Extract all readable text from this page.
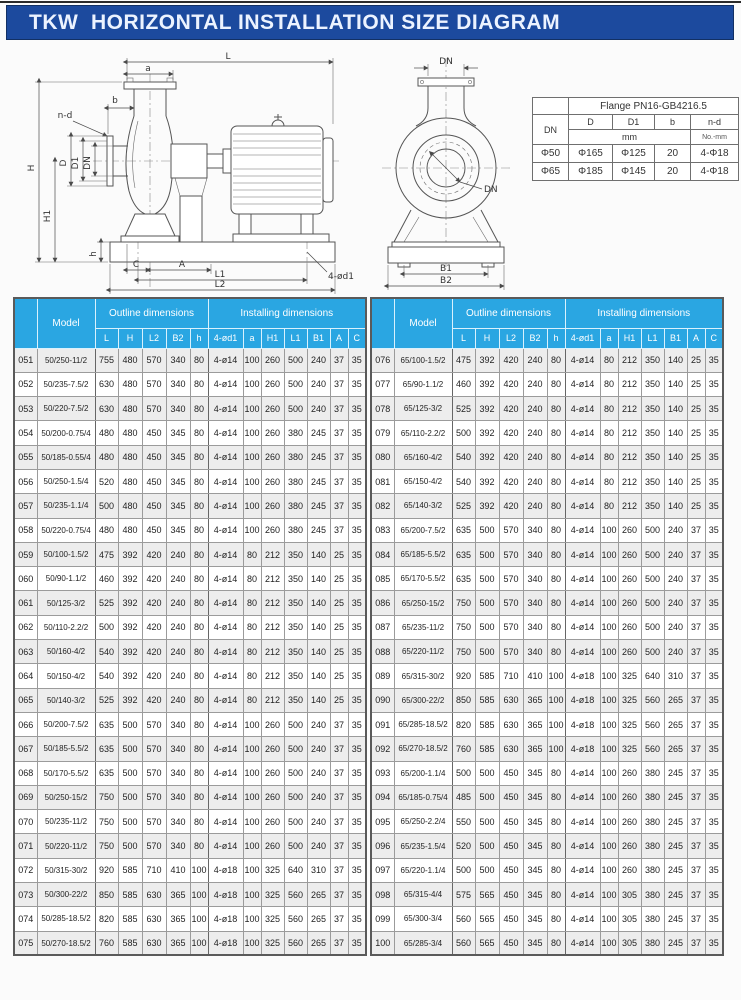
TKW  HORIZONTAL INSTALLATION SIZE DIAGRAM
L
a
b
n-d
H
H1
D D1 DN
h
C	A
L1
L2
4-ød1
DN
DN
B1
B2
	Flange PN16-GB4216.5			
DN	D	D1	b	n-d
	mm			No.-mm
Φ50	Φ165	Φ125	20	4-Φ18
Φ65	Φ185	Φ145	20	4-Φ18
	Model	Outline dimensions					Installing dimensions						
		L	H	L2	B2	h	4-ød1	a	H1	L1	B1	A	C
051	50/250-11/2	755	480	570	340	80	4-ø14	100	260	500	240	37	35
052	50/235-7.5/2	630	480	570	340	80	4-ø14	100	260	500	240	37	35
053	50/220-7.5/2	630	480	570	340	80	4-ø14	100	260	500	240	37	35
054	50/200-0.75/4	480	480	450	345	80	4-ø14	100	260	380	245	37	35
055	50/185-0.55/4	480	480	450	345	80	4-ø14	100	260	380	245	37	35
056	50/250-1.5/4	520	480	450	345	80	4-ø14	100	260	380	245	37	35
057	50/235-1.1/4	500	480	450	345	80	4-ø14	100	260	380	245	37	35
058	50/220-0.75/4	480	480	450	345	80	4-ø14	100	260	380	245	37	35
059	50/100-1.5/2	475	392	420	240	80	4-ø14	80	212	350	140	25	35
060	50/90-1.1/2	460	392	420	240	80	4-ø14	80	212	350	140	25	35
061	50/125-3/2	525	392	420	240	80	4-ø14	80	212	350	140	25	35
062	50/110-2.2/2	500	392	420	240	80	4-ø14	80	212	350	140	25	35
063	50/160-4/2	540	392	420	240	80	4-ø14	80	212	350	140	25	35
064	50/150-4/2	540	392	420	240	80	4-ø14	80	212	350	140	25	35
065	50/140-3/2	525	392	420	240	80	4-ø14	80	212	350	140	25	35
066	50/200-7.5/2	635	500	570	340	80	4-ø14	100	260	500	240	37	35
067	50/185-5.5/2	635	500	570	340	80	4-ø14	100	260	500	240	37	35
068	50/170-5.5/2	635	500	570	340	80	4-ø14	100	260	500	240	37	35
069	50/250-15/2	750	500	570	340	80	4-ø14	100	260	500	240	37	35
070	50/235-11/2	750	500	570	340	80	4-ø14	100	260	500	240	37	35
071	50/220-11/2	750	500	570	340	80	4-ø14	100	260	500	240	37	35
072	50/315-30/2	920	585	710	410	100	4-ø18	100	325	640	310	37	35
073	50/300-22/2	850	585	630	365	100	4-ø18	100	325	560	265	37	35
074	50/285-18.5/2	820	585	630	365	100	4-ø18	100	325	560	265	37	35
075	50/270-18.5/2	760	585	630	365	100	4-ø18	100	325	560	265	37	35
	Model	Outline dimensions					Installing dimensions						
		L	H	L2	B2	h	4-ød1	a	H1	L1	B1	A	C
076	65/100-1.5/2	475	392	420	240	80	4-ø14	80	212	350	140	25	35
077	65/90-1.1/2	460	392	420	240	80	4-ø14	80	212	350	140	25	35
078	65/125-3/2	525	392	420	240	80	4-ø14	80	212	350	140	25	35
079	65/110-2.2/2	500	392	420	240	80	4-ø14	80	212	350	140	25	35
080	65/160-4/2	540	392	420	240	80	4-ø14	80	212	350	140	25	35
081	65/150-4/2	540	392	420	240	80	4-ø14	80	212	350	140	25	35
082	65/140-3/2	525	392	420	240	80	4-ø14	80	212	350	140	25	35
083	65/200-7.5/2	635	500	570	340	80	4-ø14	100	260	500	240	37	35
084	65/185-5.5/2	635	500	570	340	80	4-ø14	100	260	500	240	37	35
085	65/170-5.5/2	635	500	570	340	80	4-ø14	100	260	500	240	37	35
086	65/250-15/2	750	500	570	340	80	4-ø14	100	260	500	240	37	35
087	65/235-11/2	750	500	570	340	80	4-ø14	100	260	500	240	37	35
088	65/220-11/2	750	500	570	340	80	4-ø14	100	260	500	240	37	35
089	65/315-30/2	920	585	710	410	100	4-ø18	100	325	640	310	37	35
090	65/300-22/2	850	585	630	365	100	4-ø18	100	325	560	265	37	35
091	65/285-18.5/2	820	585	630	365	100	4-ø18	100	325	560	265	37	35
092	65/270-18.5/2	760	585	630	365	100	4-ø18	100	325	560	265	37	35
093	65/200-1.1/4	500	500	450	345	80	4-ø14	100	260	380	245	37	35
094	65/185-0.75/4	485	500	450	345	80	4-ø14	100	260	380	245	37	35
095	65/250-2.2/4	550	500	450	345	80	4-ø14	100	260	380	245	37	35
096	65/235-1.5/4	520	500	450	345	80	4-ø14	100	260	380	245	37	35
097	65/220-1.1/4	500	500	450	345	80	4-ø14	100	260	380	245	37	35
098	65/315-4/4	575	565	450	345	80	4-ø14	100	305	380	245	37	35
099	65/300-3/4	560	565	450	345	80	4-ø14	100	305	380	245	37	35
100	65/285-3/4	560	565	450	345	80	4-ø14	100	305	380	245	37	35
